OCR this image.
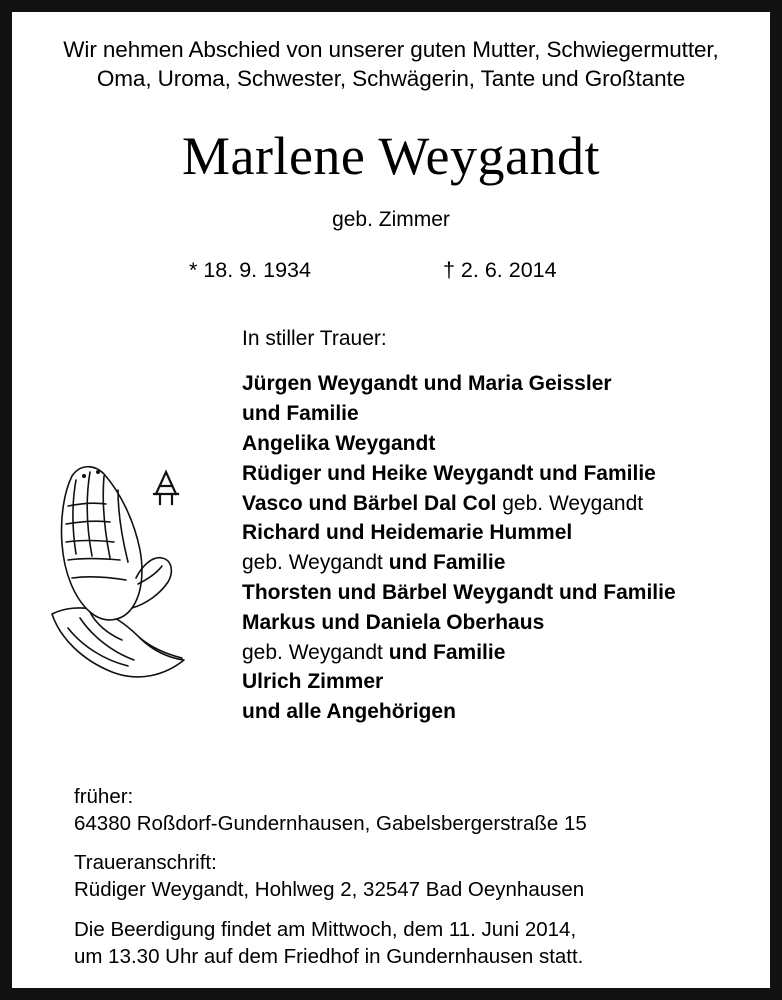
Wir nehmen Abschied von unserer guten Mutter, Schwiegermutter,
Oma, Uroma, Schwester, Schwägerin, Tante und Großtante
Marlene Weygandt
geb. Zimmer
* 18. 9. 1934	† 2. 6. 2014
In stiller Trauer:
Jürgen Weygandt und Maria Geissler
und Familie
Angelika Weygandt
Rüdiger und Heike Weygandt und Familie
Vasco und Bärbel Dal Col geb. Weygandt
Richard und Heidemarie Hummel
geb. Weygandt und Familie
Thorsten und Bärbel Weygandt und Familie
Markus und Daniela Oberhaus
geb. Weygandt und Familie
Ulrich Zimmer
und alle Angehörigen
früher:
64380 Roßdorf-Gundernhausen, Gabelsbergerstraße 15
Traueranschrift:
Rüdiger Weygandt, Hohlweg 2, 32547 Bad Oeynhausen
Die Beerdigung findet am Mittwoch, dem 11. Juni 2014,
um 13.30 Uhr auf dem Friedhof in Gundernhausen statt.
